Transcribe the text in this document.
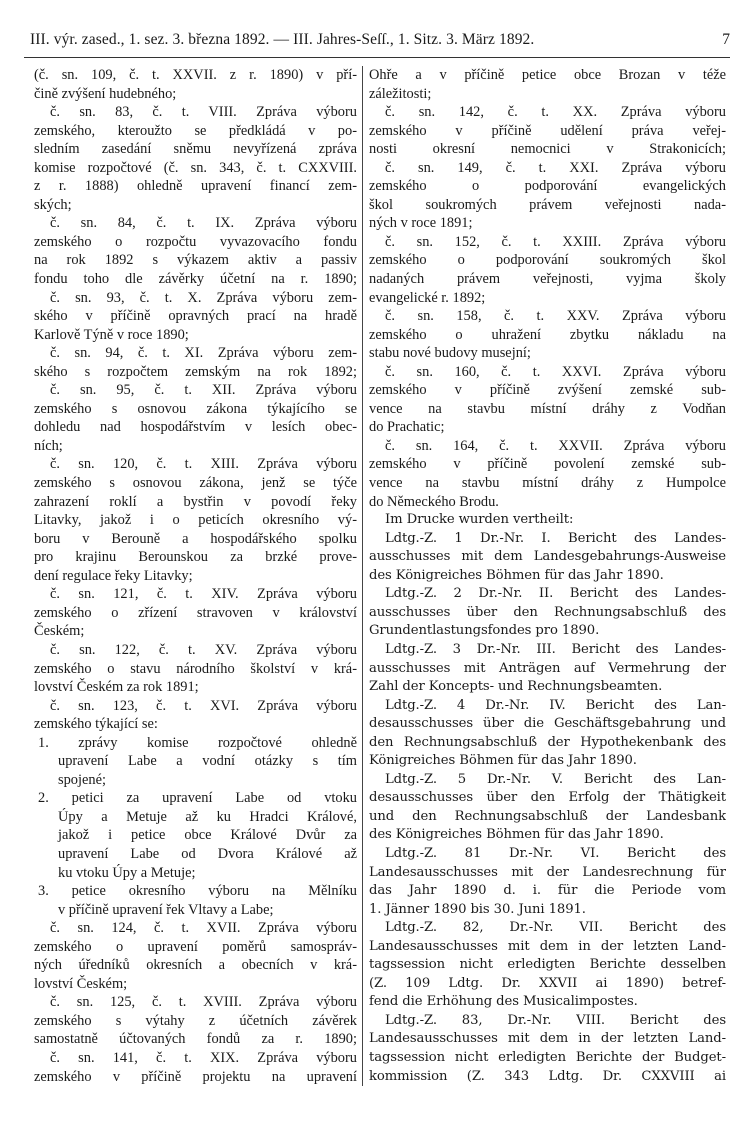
III. výr. zased., 1. sez. 3. března 1892. — III. Jahres-Seſſ., 1. Sitz. 3. März 1892.	7
(č. sn. 109, č. t. XXVII. z r. 1890) v pří-
čině zvýšení hudebného;
č. sn. 83, č. t. VIII. Zpráva výboru
zemského, kteroužto se předkládá v po-
sledním zasedání sněmu nevyřízená zpráva
komise rozpočtové (č. sn. 343, č. t. CXXVIII.
z r. 1888) ohledně upravení financí zem-
ských;
č. sn. 84, č. t. IX. Zpráva výboru
zemského o rozpočtu vyvazovacího fondu
na rok 1892 s výkazem aktiv a passiv
fondu toho dle závěrky účetní na r. 1890;
č. sn. 93, č. t. X. Zpráva výboru zem-
ského v příčině opravných prací na hradě
Karlově Týně v roce 1890;
č. sn. 94, č. t. XI. Zpráva výboru zem-
ského s rozpočtem zemským na rok 1892;
č. sn. 95, č. t. XII. Zpráva výboru
zemského s osnovou zákona týkajícího se
dohledu nad hospodářstvím v lesích obec-
ních;
č. sn. 120, č. t. XIII. Zpráva výboru
zemského s osnovou zákona, jenž se týče
zahrazení roklí a bystřin v povodí řeky
Litavky, jakož i o peticích okresního vý-
boru v Berouně a hospodářského spolku
pro krajinu Berounskou za brzké prove-
dení regulace řeky Litavky;
č. sn. 121, č. t. XIV. Zpráva výboru
zemského o zřízení stravoven v království
Českém;
č. sn. 122, č. t. XV. Zpráva výboru
zemského o stavu národního školství v krá-
lovství Českém za rok 1891;
č. sn. 123, č. t. XVI. Zpráva výboru
zemského týkající se:
1. zprávy komise rozpočtové ohledně
upravení Labe a vodní otázky s tím
spojené;
2. petici za upravení Labe od vtoku
Úpy a Metuje až ku Hradci Králové,
jakož i petice obce Králové Dvůr za
upravení Labe od Dvora Králové až
ku vtoku Úpy a Metuje;
3. petice okresního výboru na Mělníku
v příčině upravení řek Vltavy a Labe;
č. sn. 124, č. t. XVII. Zpráva výboru
zemského o upravení poměrů samospráv-
ných úředníků okresních a obecních v krá-
lovství Českém;
č. sn. 125, č. t. XVIII. Zpráva výboru
zemského s výtahy z účetních závěrek
samostatně účtovaných fondů za r. 1890;
č. sn. 141, č. t. XIX. Zpráva výboru
zemského v příčině projektu na upravení
Ohře a v příčině petice obce Brozan v téže
záležitosti;
č. sn. 142, č. t. XX. Zpráva výboru
zemského v příčině udělení práva veřej-
nosti okresní nemocnici v Strakonicích;
č. sn. 149, č. t. XXI. Zpráva výboru
zemského o podporování evangelických
škol soukromých právem veřejnosti nada-
ných v roce 1891;
č. sn. 152, č. t. XXIII. Zpráva výboru
zemského o podporování soukromých škol
nadaných právem veřejnosti, vyjma školy
evangelické r. 1892;
č. sn. 158, č. t. XXV. Zpráva výboru
zemského o uhražení zbytku nákladu na
stabu nové budovy musejní;
č. sn. 160, č. t. XXVI. Zpráva výboru
zemského v příčině zvýšení zemské sub-
vence na stavbu místní dráhy z Vodňan
do Prachatic;
č. sn. 164, č. t. XXVII. Zpráva výboru
zemského v příčině povolení zemské sub-
vence na stavbu místní dráhy z Humpolce
do Německého Brodu.
Im Drucke wurden vertheilt:
Ldtg.-Z. 1 Dr.-Nr. I. Bericht des Landes-
ausschusses mit dem Landesgebahrungs-Ausweise
des Königreiches Böhmen für das Jahr 1890.
Ldtg.-Z. 2 Dr.-Nr. II. Bericht des Landes-
ausschusses über den Rechnungsabschluß des
Grundentlastungsfondes pro 1890.
Ldtg.-Z. 3 Dr.-Nr. III. Bericht des Landes-
ausschusses mit Anträgen auf Vermehrung der
Zahl der Koncepts- und Rechnungsbeamten.
Ldtg.-Z. 4 Dr.-Nr. IV. Bericht des Lan-
desausschusses über die Geschäftsgebahrung und
den Rechnungsabschluß der Hypothekenbank des
Königreiches Böhmen für das Jahr 1890.
Ldtg.-Z. 5 Dr.-Nr. V. Bericht des Lan-
desausschusses über den Erfolg der Thätigkeit
und den Rechnungsabschluß der Landesbank
des Königreiches Böhmen für das Jahr 1890.
Ldtg.-Z. 81 Dr.-Nr. VI. Bericht des
Landesausschusses mit der Landesrechnung für
das Jahr 1890 d. i. für die Periode vom
1. Jänner 1890 bis 30. Juni 1891.
Ldtg.-Z. 82, Dr.-Nr. VII. Bericht des
Landesausschusses mit dem in der letzten Land-
tagssession nicht erledigten Berichte desselben
(Z. 109 Ldtg. Dr. XXVII ai 1890) betref-
fend die Erhöhung des Musicalimpostes.
Ldtg.-Z. 83, Dr.-Nr. VIII. Bericht des
Landesausschusses mit dem in der letzten Land-
tagssession nicht erledigten Berichte der Budget-
kommission (Z. 343 Ldtg. Dr. CXXVIII ai
